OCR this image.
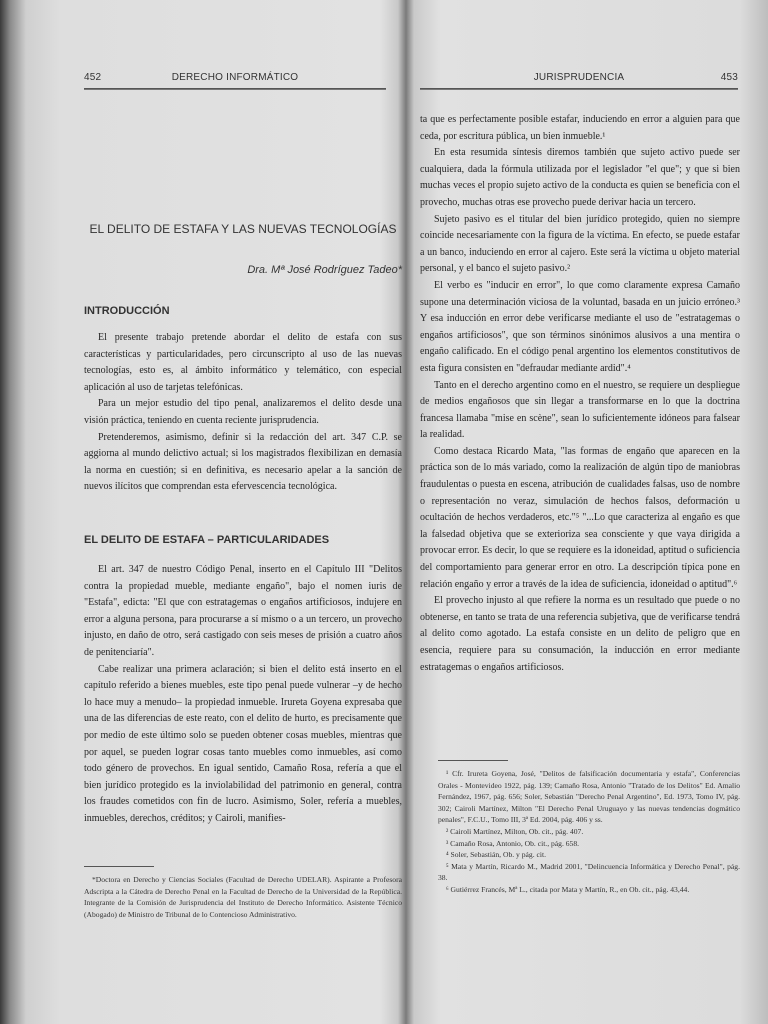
452	DERECHO INFORMÁTICO
EL DELITO DE ESTAFA Y LAS NUEVAS TECNOLOGÍAS
Dra. Mª José Rodríguez Tadeo*
INTRODUCCIÓN

El presente trabajo pretende abordar el delito de estafa con sus características y particularidades, pero circunscripto al uso de las nuevas tecnologías, esto es, al ámbito informático y telemático, con especial aplicación al uso de tarjetas telefónicas.

Para un mejor estudio del tipo penal, analizaremos el delito desde una visión práctica, teniendo en cuenta reciente jurisprudencia.

Pretenderemos, asimismo, definir si la redacción del art. 347 C.P. se aggiorna al mundo delictivo actual; si los magistrados flexibilizan en demasía la norma en cuestión; si en definitiva, es necesario apelar a la sanción de nuevos ilícitos que comprendan esta efervescencia tecnológica.

EL DELITO DE ESTAFA – PARTICULARIDADES

El art. 347 de nuestro Código Penal, inserto en el Capítulo III "Delitos contra la propiedad mueble, mediante engaño", bajo el nomen iuris de "Estafa", edicta: "El que con estratagemas o engaños artificiosos, indujere en error a alguna persona, para procurarse a sí mismo o a un tercero, un provecho injusto, en daño de otro, será castigado con seis meses de prisión a cuatro años de penitenciaría".

Cabe realizar una primera aclaración; si bien el delito está inserto en el capítulo referido a bienes muebles, este tipo penal puede vulnerar –y de hecho lo hace muy a menudo– la propiedad inmueble. Irureta Goyena expresaba que una de las diferencias de este reato, con el delito de hurto, es precisamente que por medio de este último solo se pueden obtener cosas muebles, mientras que por aquel, se pueden lograr cosas tanto muebles como inmuebles, así como todo género de provechos. En igual sentido, Camaño Rosa, refería a que el bien jurídico protegido es la inviolabilidad del patrimonio en general, contra los fraudes cometidos con fin de lucro. Asimismo, Soler, refería a muebles, inmuebles, derechos, créditos; y Cairoli, manifies-

*Doctora en Derecho y Ciencias Sociales (Facultad de Derecho UDELAR). Aspirante a Profesora Adscripta a la Cátedra de Derecho Penal en la Facultad de Derecho de la Universidad de la República. Integrante de la Comisión de Jurisprudencia del Instituto de Derecho Informático. Asistente Técnico (Abogado) de Ministro de Tribunal de lo Contencioso Administrativo.

JURISPRUDENCIA	453

ta que es perfectamente posible estafar, induciendo en error a alguien para que ceda, por escritura pública, un bien inmueble.¹

En esta resumida síntesis diremos también que sujeto activo puede ser cualquiera, dada la fórmula utilizada por el legislador "el que"; y que si bien muchas veces el propio sujeto activo de la conducta es quien se beneficia con el provecho, muchas otras ese provecho puede derivar hacia un tercero.

Sujeto pasivo es el titular del bien jurídico protegido, quien no siempre coincide necesariamente con la figura de la víctima. En efecto, se puede estafar a un banco, induciendo en error al cajero. Este será la víctima u objeto material personal, y el banco el sujeto pasivo.²

El verbo es "inducir en error", lo que como claramente expresa Camaño supone una determinación viciosa de la voluntad, basada en un juicio erróneo.³ Y esa inducción en error debe verificarse mediante el uso de "estratagemas o engaños artificiosos", que son términos sinónimos alusivos a una mentira o engaño calificado. En el código penal argentino los elementos constitutivos de esta figura consisten en "defraudar mediante ardid".⁴

Tanto en el derecho argentino como en el nuestro, se requiere un despliegue de medios engañosos que sin llegar a transformarse en lo que la doctrina francesa llamaba "mise en scène", sean lo suficientemente idóneos para falsear la realidad.

Como destaca Ricardo Mata, "las formas de engaño que aparecen en la práctica son de lo más variado, como la realización de algún tipo de maniobras fraudulentas o puesta en escena, atribución de cualidades falsas, uso de nombre o representación no veraz, simulación de hechos falsos, deformación u ocultación de hechos verdaderos, etc."⁵ "...Lo que caracteriza al engaño es que la falsedad objetiva que se exterioriza sea consciente y que vaya dirigida a provocar error. Es decir, lo que se requiere es la idoneidad, aptitud o suficiencia del comportamiento para generar error en otro. La descripción típica pone en relación engaño y error a través de la idea de suficiencia, idoneidad o aptitud".⁶

El provecho injusto al que refiere la norma es un resultado que puede o no obtenerse, en tanto se trata de una referencia subjetiva, que de verificarse tendrá al delito como agotado. La estafa consiste en un delito de peligro que en esencia, requiere para su consumación, la inducción en error mediante estratagemas o engaños artificiosos.

¹ Cfr. Irureta Goyena, José, "Delitos de falsificación documentaria y estafa", Conferencias Orales - Montevideo 1922, pág. 139; Camaño Rosa, Antonio "Tratado de los Delitos" Ed. Amalio Fernández, 1967, pág. 656; Soler, Sebastián "Derecho Penal Argentino", Ed. 1973, Tomo IV, pág. 302; Cairoli Martínez, Milton "El Derecho Penal Uruguayo y las nuevas tendencias dogmático penales", F.C.U., Tomo III, 3ª Ed. 2004, pág. 406 y ss.

² Cairoli Martínez, Milton, Ob. cit., pág. 407.

³ Camaño Rosa, Antonio, Ob. cit., pág. 658.

⁴ Soler, Sebastián, Ob. y pág. cit.

⁵ Mata y Martín, Ricardo M., Madrid 2001, "Delincuencia Informática y Derecho Penal", pág. 38.

⁶ Gutiérrez Francés, Mª L., citada por Mata y Martín, R., en Ob. cit., pág. 43,44.
